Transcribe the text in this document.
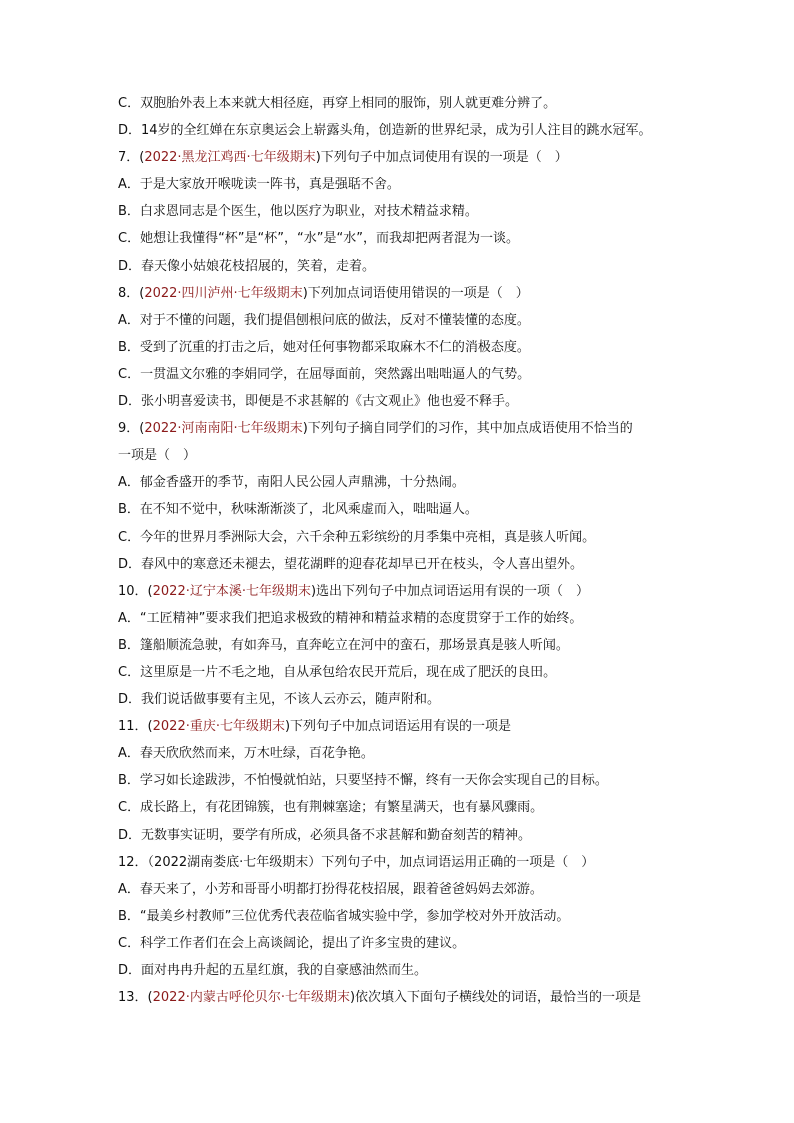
C．双胞胎外表上本来就大相径庭，再穿上相同的服饰，别人就更难分辨了。
D．14岁的全红婵在东京奥运会上崭露头角，创造新的世界纪录，成为引人注目的跳水冠军。
7．( 2022·黑龙江鸡西·七年级期末 )下列句子中加点词使用有误的一项是（　）
A．于是大家放开喉咙读一阵书，真是强聒不舍。
B．白求恩同志是个医生，他以医疗为职业，对技术精益求精。
C．她想让我懂得“杯”是“杯”，“水”是“水”，而我却把两者混为一谈。
D．春天像小姑娘花枝招展的，笑着，走着。
8．( 2022·四川泸州·七年级期末 )下列加点词语使用错误的一项是（　）
A．对于不懂的问题，我们提倡刨根问底的做法，反对不懂装懂的态度。
B．受到了沉重的打击之后，她对任何事物都采取麻木不仁的消极态度。
C．一贯温文尔雅的李娟同学，在屈辱面前，突然露出咄咄逼人的气势。
D．张小明喜爱读书，即便是不求甚解的《古文观止》他也爱不释手。
9．( 2022·河南南阳·七年级期末 )下列句子摘自同学们的习作，其中加点成语使用不恰当的
一项是（　）
A．郁金香盛开的季节，南阳人民公园人声鼎沸，十分热闹。
B．在不知不觉中，秋味渐渐淡了，北风乘虚而入，咄咄逼人。
C．今年的世界月季洲际大会，六千余种五彩缤纷的月季集中亮相，真是骇人听闻。
D．春风中的寒意还未褪去，望花湖畔的迎春花却早已开在枝头，令人喜出望外。
10．( 2022·辽宁本溪·七年级期末 )选出下列句子中加点词语运用有误的一项（　）
A．“工匠精神”要求我们把追求极致的精神和精益求精的态度贯穿于工作的始终。
B．篷船顺流急驶，有如奔马，直奔屹立在河中的蛮石，那场景真是骇人听闻。
C．这里原是一片不毛之地，自从承包给农民开荒后，现在成了肥沃的良田。
D．我们说话做事要有主见，不该人云亦云，随声附和。
11．( 2022·重庆·七年级期末 )下列句子中加点词语运用有误的一项是
A．春天欣欣然而来，万木吐绿，百花争艳。
B．学习如长途跋涉，不怕慢就怕站，只要坚持不懈，终有一天你会实现自己的目标。
C．成长路上，有花团锦簇，也有荆棘塞途；有繁星满天，也有暴风骤雨。
D．无数事实证明，要学有所成，必须具备不求甚解和勤奋刻苦的精神。
12．（2022湖南娄底·七年级期末）下列句子中，加点词语运用正确的一项是（　）
A．春天来了，小芳和哥哥小明都打扮得花枝招展，跟着爸爸妈妈去郊游。
B．“最美乡村教师”三位优秀代表莅临省城实验中学，参加学校对外开放活动。
C．科学工作者们在会上高谈阔论，提出了许多宝贵的建议。
D．面对冉冉升起的五星红旗，我的自豪感油然而生。
13．( 2022·内蒙古呼伦贝尔·七年级期末 )依次填入下面句子横线处的词语，最恰当的一项是
